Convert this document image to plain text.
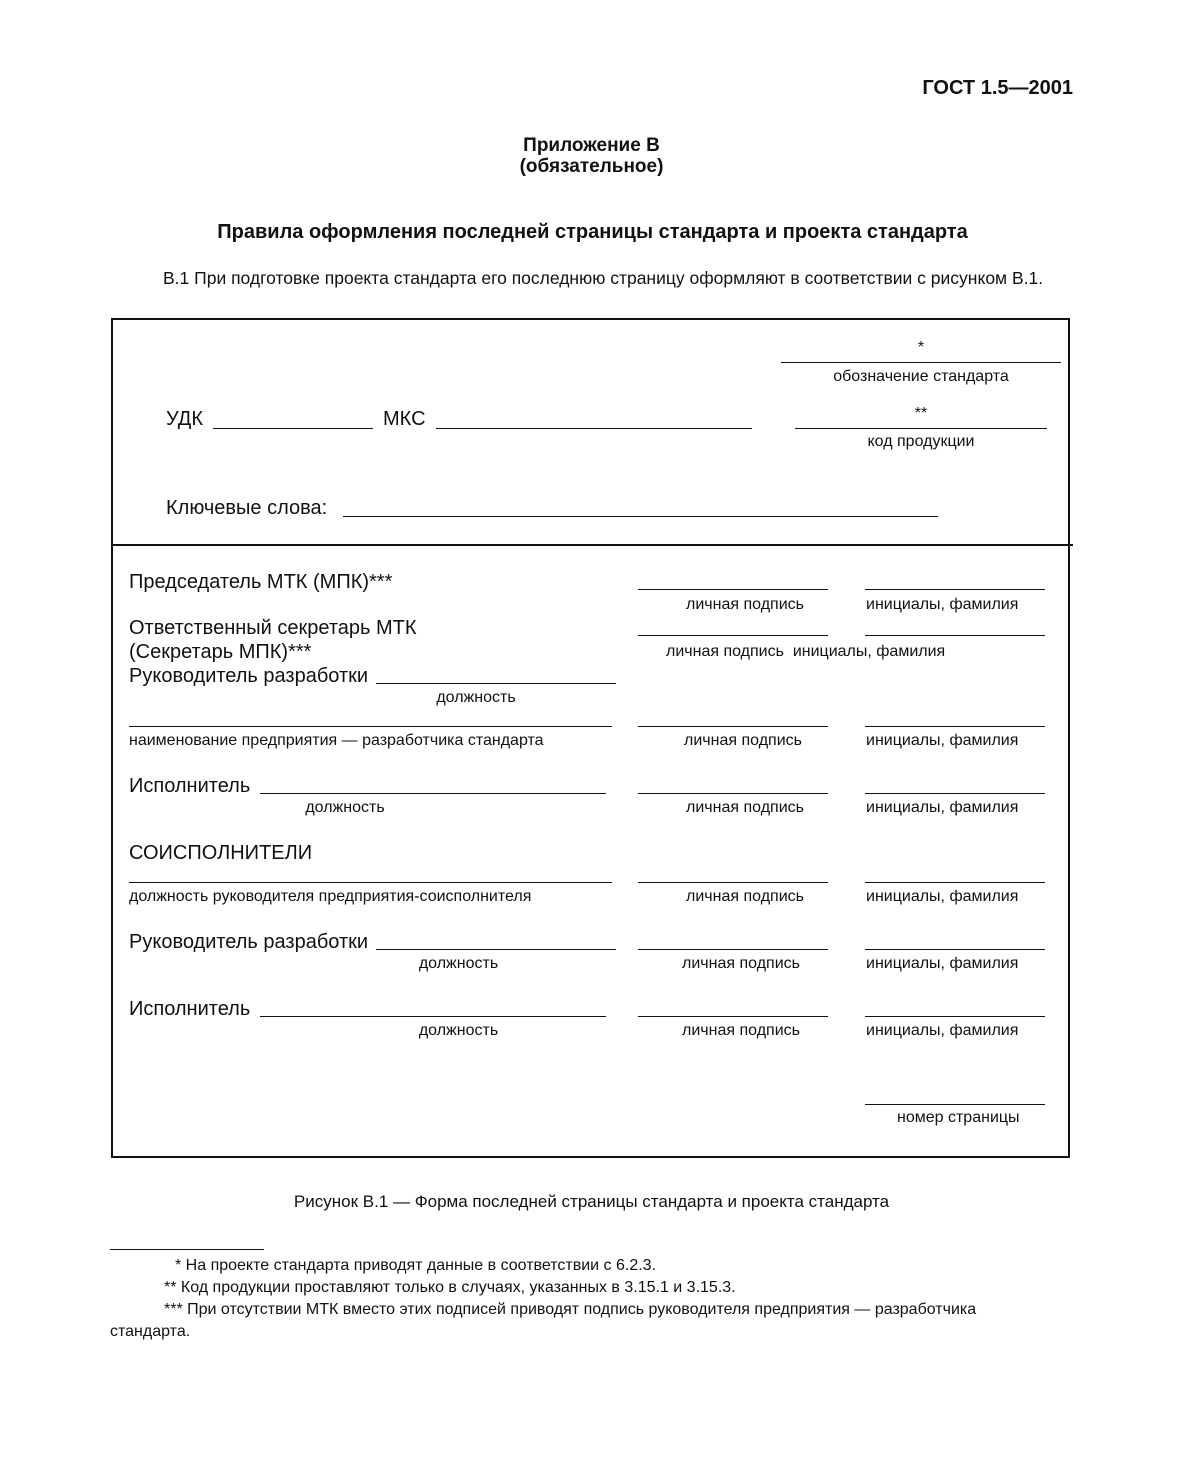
ГОСТ 1.5—2001
Приложение В
(обязательное)
Правила оформления последней страницы стандарта и проекта стандарта
В.1 При подготовке проекта стандарта его последнюю страницу оформляют в соответствии с рисунком В.1.
*
обозначение стандарта
УДК	МКС	**
код продукции
Ключевые слова:
Председатель МТК (МПК)***
личная подпись	инициалы, фамилия
Ответственный секретарь МТК
(Секретарь МПК)***	личная подпись  инициалы, фамилия
Руководитель разработки
должность
наименование предприятия — разработчика стандарта	личная подпись	инициалы, фамилия
Исполнитель
должность	личная подпись	инициалы, фамилия
СОИСПОЛНИТЕЛИ
должность руководителя предприятия-соисполнителя	личная подпись	инициалы, фамилия
Руководитель разработки
должность	личная подпись	инициалы, фамилия
Исполнитель
должность	личная подпись	инициалы, фамилия
номер страницы
Рисунок В.1 — Форма последней страницы стандарта и проекта стандарта
* На проекте стандарта приводят данные в соответствии с 6.2.3.
** Код продукции проставляют только в случаях, указанных в 3.15.1 и 3.15.3.
*** При отсутствии МТК вместо этих подписей приводят подпись руководителя предприятия — разработчика
стандарта.
